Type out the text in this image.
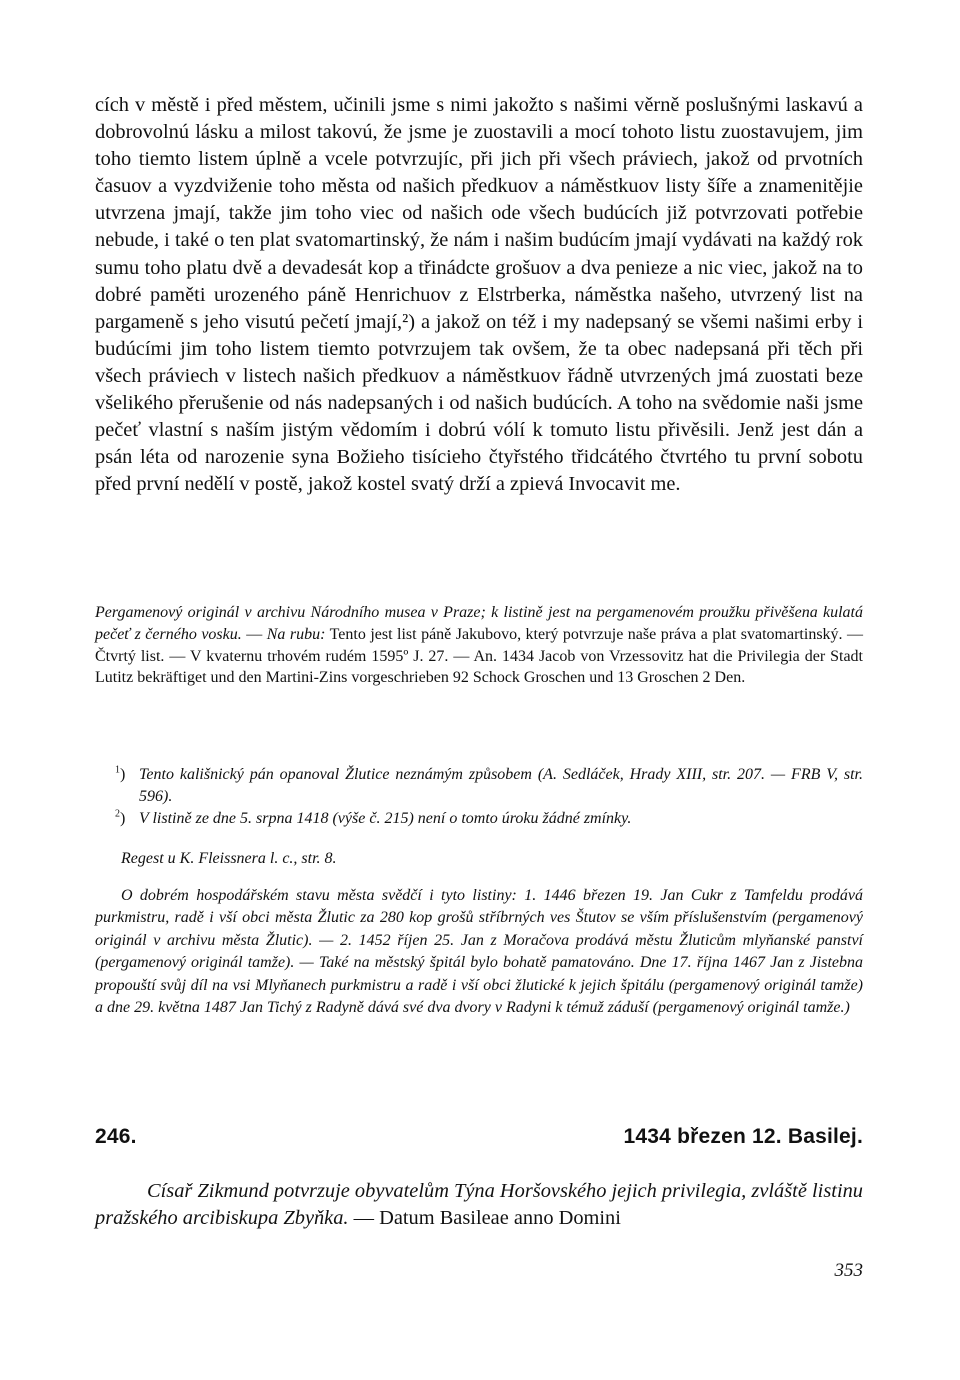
cích v městě i před městem, učinili jsme s nimi jakožto s našimi věrně poslušnými laskavú a dobrovolnú lásku a milost takovú, že jsme je zuostavili a mocí tohoto listu zuostavujem, jim toho tiemto listem úplně a vcele potvrzujíc, při jich při všech práviech, jakož od prvotních časuov a vyzdviženie toho města od našich předkuov a náměstkuov listy šíře a znamenitějie utvrzena jmají, takže jim toho viec od našich ode všech budúcích již potvrzovati potřebie nebude, i také o ten plat svatomartinský, že nám i našim budúcím jmají vydávati na každý rok sumu toho platu dvě a devadesát kop a třinádcte grošuov a dva penieze a nic viec, jakož na to dobré paměti urozeného páně Henrichuov z Elstrberka, náměstka našeho, utvrzený list na pargameně s jeho visutú pečetí jmají,²) a jakož on též i my nadepsaný se všemi našimi erby i budúcími jim toho listem tiemto potvrzujem tak ovšem, že ta obec nadepsaná při těch při všech práviech v listech našich předkuov a náměstkuov řádně utvrzených jmá zuostati beze všelikého přerušenie od nás nadepsaných i od našich budúcích. A toho na svědomie naši jsme pečeť vlastní s naším jistým vědomím i dobrú vólí k tomuto listu přivěsili. Jenž jest dán a psán léta od narozenie syna Božieho tisícieho čtyřstého třidcátého čtvrtého tu první sobotu před první nedělí v postě, jakož kostel svatý drží a zpievá Invocavit me.

Pergamenový originál v archivu Národního musea v Praze; k listině jest na pergamenovém proužku přivěšena kulatá pečeť z černého vosku. — Na rubu: Tento jest list páně Jakubovo, který potvrzuje naše práva a plat svatomartinský. — Čtvrtý list. — V kvaternu trhovém rudém 1595º J. 27. — An. 1434 Jacob von Vrzessovitz hat die Privilegia der Stadt Lutitz bekräftiget und den Martini-Zins vorgeschrieben 92 Schock Groschen und 13 Groschen 2 Den.

$^1$) Tento kališnický pán opanoval Žlutice neznámým způsobem (A. Sedláček, Hrady XIII, str. 207. — FRB V, str. 596).
$^2$) V listině ze dne 5. srpna 1418 (výše č. 215) není o tomto úroku žádné zmínky.

Regest u K. Fleissnera l. c., str. 8.

O dobrém hospodářském stavu města svědčí i tyto listiny: 1. 1446 březen 19. Jan Cukr z Tamfeldu prodává purkmistru, radě i vší obci města Žlutic za 280 kop grošů stříbrných ves Štutov se vším příslušenstvím (pergamenový originál v archivu města Žlutic). — 2. 1452 říjen 25. Jan z Moračova prodává městu Žluticům mlyňanské panství (pergamenový originál tamže). — Také na městský špitál bylo bohatě pamatováno. Dne 17. října 1467 Jan z Jistebna propouští svůj díl na vsi Mlyňanech purkmistru a radě i vší obci žlutické k jejich špitálu (pergamenový originál tamže) a dne 29. května 1487 Jan Tichý z Radyně dává své dva dvory v Radyni k témuž záduší (pergamenový originál tamže.)

246.	1434 březen 12. Basilej.

Císař Zikmund potvrzuje obyvatelům Týna Horšovského jejich privilegia, zvláště listinu pražského arcibiskupa Zbyňka. — Datum Basileae anno Domini

353
